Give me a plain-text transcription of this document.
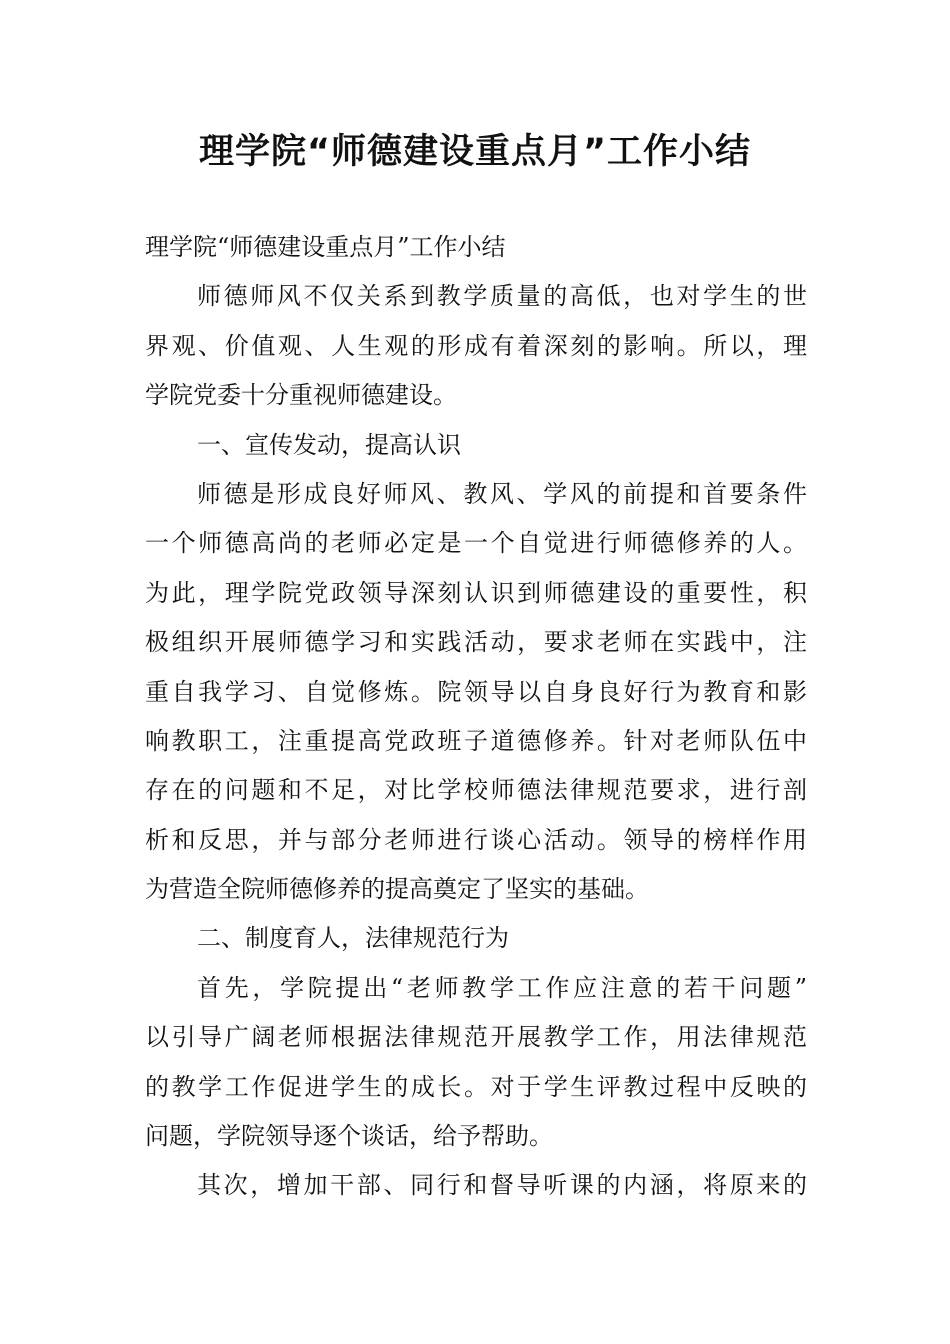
理学院“师德建设重点月”工作小结
理学院“师德建设重点月”工作小结
师德师风不仅关系到教学质量的高低，也对学生的世
界观、价值观、人生观的形成有着深刻的影响。所以，理
学院党委十分重视师德建设。
一、宣传发动，提高认识
师德是形成良好师风、教风、学风的前提和首要条件
一个师德高尚的老师必定是一个自觉进行师德修养的人。
为此，理学院党政领导深刻认识到师德建设的重要性，积
极组织开展师德学习和实践活动，要求老师在实践中，注
重自我学习、自觉修炼。院领导以自身良好行为教育和影
响教职工，注重提高党政班子道德修养。针对老师队伍中
存在的问题和不足，对比学校师德法律规范要求，进行剖
析和反思，并与部分老师进行谈心活动。领导的榜样作用
为营造全院师德修养的提高奠定了坚实的基础。
二、制度育人，法律规范行为
首先，学院提出“老师教学工作应注意的若干问题”
以引导广阔老师根据法律规范开展教学工作，用法律规范
的教学工作促进学生的成长。对于学生评教过程中反映的
问题，学院领导逐个谈话，给予帮助。
其次，增加干部、同行和督导听课的内涵，将原来的
